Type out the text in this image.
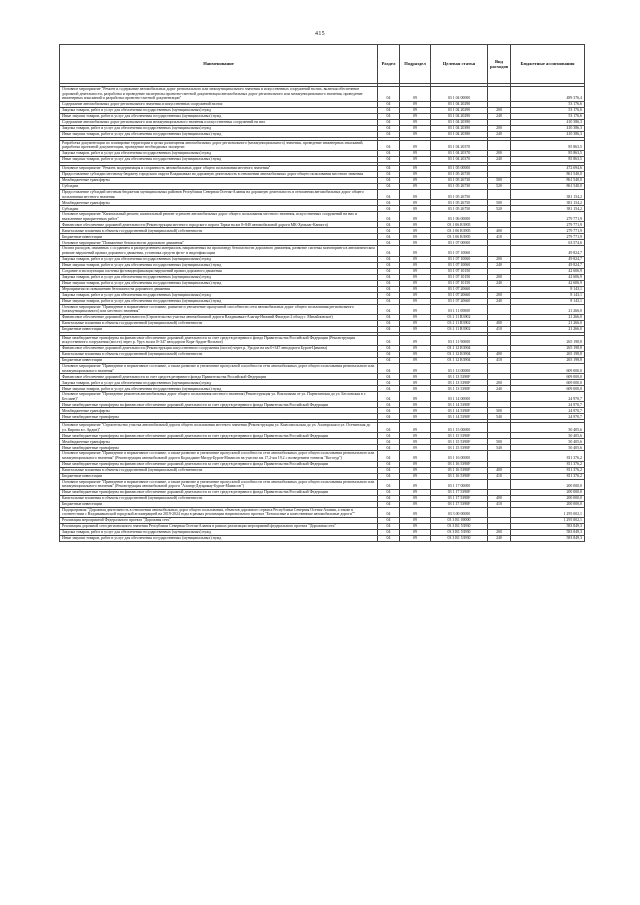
415
Наименование	Раздел	Подраздел	Целевая статья	Вид расходов	Бюджетные ассигнования

Основное мероприятие "Ремонт и содержание автомобильных дорог регионального или межмуниципального значения и искусственных сооружений на них, включая обеспечение дорожной деятельности, разработка и проведение экспертизы проектно-сметной документации автомобильных дорог регионального или межмуниципального значения, проведение инженерных изысканий и разработка проектно-сметной документации"	04	09	03 1 04 00000		489 376,4
Содержание автомобильных дорог регионального значения и искусственных сооружений на них	04	09	03 1 04 20290		53 176,6
Закупка товаров, работ и услуг для обеспечения государственных (муниципальных) нужд	04	09	03 1 04 20290	200	53 176,6
Иные закупки товаров, работ и услуг для обеспечения государственных (муниципальных) нужд	04	09	03 1 04 20290	240	53 176,6
Содержание автомобильных дорог регионального или межмуниципального значения и искусственных сооружений на них	04	09	03 1 04 20390		410 386,3
Закупка товаров, работ и услуг для обеспечения государственных (муниципальных) нужд	04	09	03 1 04 20390	200	410 386,3
Иные закупки товаров, работ и услуг для обеспечения государственных (муниципальных) нужд	04	09	03 1 04 20390	240	410 386,3

Разработка документации по планировке территории в целях размещения автомобильных дорог регионального (межмуниципального) значения, проведение инженерных изысканий, разработка проектной документации, проведение необходимых экспертиз	04	09	03 1 04 20370		85 863,5
Закупка товаров, работ и услуг для обеспечения государственных (муниципальных) нужд	04	09	03 1 04 20370	200	85 863,5
Иные закупки товаров, работ и услуг для обеспечения государственных (муниципальных) нужд	04	09	03 1 04 20370	240	85 863,5

Основное мероприятие "Ремонт, модернизация и сохранность автомобильных дорог общего пользования местного значения"	04	09	03 1 05 00000		472 694,6
Предоставление субсидии местному бюджету городского округа Владикавказ на дорожную деятельность в отношении автомобильных дорог общего пользования местного значения	04	09	03 1 05 26730		861 540,0
Межбюджетные трансферты	04	09	03 1 05 26730	500	861 540,0
Субсидии	04	09	03 1 05 26730	520	861 540,0
Предоставление субсидий местным бюджетам муниципальных районов Республики Северная Осетия-Алания на дорожную деятельность в отношении автомобильных дорог общего пользования местного значения	04	09	03 1 05 26750		381 154,2
Межбюджетные трансферты	04	09	03 1 05 26750	500	381 154,2
Субсидии	04	09	03 1 05 26750	520	381 154,2
Основное мероприятие "Капитальный ремонт, капитальный ремонт и ремонт автомобильных дорог общего пользования местного значения, искусственных сооружений на них и выполнение приоритетных работ"	04	09	03 1 06 00000		279 771,9
Финансовое обеспечение дорожной деятельности (Реконструкция местного городского порога Тарки на км 0+840 автомобильной дороги МК-Хумалаг-Канисга)	04	09	03 1 06 R3905		279 771,9
Капитальные вложения в объекты государственной (муниципальной) собственности	04	09	03 1 06 R3905	400	279 771,9
Бюджетные инвестиции	04	09	03 1 06 R3905	410	279 771,9
Основное мероприятие "Повышение безопасности дорожного движения"	04	09	03 1 07 00000		63 574,6
Оплата расходов, связанных с созданием и распределением материалов, направленных на пропаганду безопасности дорожного движения, развитие системы мониторинга в автоматическом режиме нарушений правил дорожного движения, установка средств фото- и видеофиксации	04	09	03 1 07 10060		49 824,7
Закупка товаров, работ и услуг для обеспечения государственных (муниципальных) нужд	04	09	03 1 07 10060	200	49 824,7
Иные закупки товаров, работ и услуг для обеспечения государственных (муниципальных) нужд	04	09	03 1 07 10060	240	49 824,7
Создание и эксплуатация системы фотовидеофиксации нарушений правил дорожного движения	04	09	03 1 07 10150		42 606,9
Закупка товаров, работ и услуг для обеспечения государственных (муниципальных) нужд	04	09	03 1 07 10150	200	42 606,9
Иные закупки товаров, работ и услуг для обеспечения государственных (муниципальных) нужд	04	09	03 1 07 10150	240	42 606,9
Мероприятия по повышению безопасности дорожного движения	04	09	03 1 07 20660		8 143,1
Закупка товаров, работ и услуг для обеспечения государственных (муниципальных) нужд	04	09	03 1 07 20660	200	8 143,1
Иные закупки товаров, работ и услуг для обеспечения государственных (муниципальных) нужд	04	09	03 1 07 20660	240	8 143,1
Основное мероприятие "Приведение в нормативное состояние, развитие и увеличение пропускной способности сети автомобильных дорог общего пользования регионального (межмуниципального) или местного значения"	04	09	03 1 11 00000		21 266,0
Финансовое обеспечение дорожной деятельности (Строительство участка автомобильной дороги Владикавказ-Алагир-Нижний Фиагдон 2 обход с. Михайловское)	04	09	03 1 11 R3902		21 266,0
Капитальные вложения в объекты государственной (муниципальной) собственности	04	09	03 1 11 R3902	400	21 266,0
Бюджетные инвестиции	04	09	03 1 11 R3902	410	21 266,0

Иные межбюджетные трансферты на финансовое обеспечение дорожной деятельности за счет средств резервного фонда Правительства Российской Федерации (Реконструкция искусственного сооружения (моста) через р. Урух на км 0+347 автодороги Кора-Ардон-Вольное)	04	09	03 1 11 90000		265 198,8
Финансовое обеспечение дорожной деятельности (Реконструкция искусственного сооружения (моста) через р. Урсдон на км 0+347 автодороги Бурон-Цимиты)	04	09	03 1 12 R3904		265 198,8
Капитальные вложения в объекты государственной (муниципальной) собственности	04	09	03 1 12 R3904	400	265 198,8
Бюджетные инвестиции	04	09	03 1 12 R3904	410	265 198,8
Основное мероприятие "Приведение в нормативное состояние, а также развитие и увеличение пропускной способности сети автомобильных дорог общего пользования регионального или межмуниципального значения"	04	09	03 1 13 00000		609 000,0
Финансовое обеспечение дорожной деятельности за счет средств резервного фонда Правительства Российской Федерации	04	09	03 1 13 5390F		609 000,0
Закупка товаров, работ и услуг для обеспечения государственных (муниципальных) нужд	04	09	03 1 13 5390F	200	609 000,0
Иные закупки товаров, работ и услуг для обеспечения государственных (муниципальных) нужд	04	09	03 1 13 5390F	240	609 000,0
Основное мероприятие "Проведение ремонтов автомобильных дорог общего пользования местного значения (Реконструкция ул. Вокзальная от ул. Партизанская до ул. Бесланская в г. Беслане)"	04	09	03 1 14 00000		24 970,7
Иные межбюджетные трансферты на финансовое обеспечение дорожной деятельности за счет средств резервного фонда Правительства Российской Федерации	04	09	03 1 14 5390F		24 970,7
Межбюджетные трансферты	04	09	03 1 14 5390F	500	24 970,7
Иные межбюджетные трансферты	04	09	03 1 14 5390F	540	24 970,7

Основное мероприятие "Строительство участка автомобильной дороги общего пользования местного значения (Реконструкция ул. Комсомольская до ул. Алагирская и ул. Осетинская до ул. Кирова в г. Ардон)"	04	09	03 1 15 00000		50 405,6
Иные межбюджетные трансферты на финансовое обеспечение дорожной деятельности за счет средств резервного фонда Правительства Российской Федерации	04	09	03 1 15 5390F		50 405,6
Межбюджетные трансферты	04	09	03 1 15 5390F	500	50 405,6
Иные межбюджетные трансферты	04	09	03 1 15 5390F	540	50 405,6
Основное мероприятие "Приведение в нормативное состояние, а также развитие и увеличение пропускной способности сети автомобильных дорог общего пользования регионального или межмуниципального значения" (Реконструкция автомобильной дороги Кодахджин-Мизур-Бурон-Мамисон на участке км 17,2-км 19,2 с возведением тоннеля "Когогур")	04	09	03 1 16 00000		811 376,2
Иные межбюджетные трансферты на финансовое обеспечение дорожной деятельности за счет средств резервного фонда Правительства Российской Федерации	04	09	03 1 16 5390F		811 376,2
Капитальные вложения в объекты государственной (муниципальной) собственности	04	09	03 1 16 5390F	400	811 376,2
Бюджетные инвестиции	04	09	03 1 16 5390F	410	811 376,2
Основное мероприятие "Приведение в нормативное состояние, а также развитие и увеличение пропускной способности сети автомобильных дорог общего пользования регионального или межмуниципального значения" (Реконструкция автомобильной дороги "Алагир-Дзуарикау-Бурон-Мамисон")	04	09	03 1 17 00000		200 000,0
Иные межбюджетные трансферты на финансовое обеспечение дорожной деятельности за счет средств резервного фонда Правительства Российской Федерации	04	09	03 1 17 5390F		200 000,0
Капитальные вложения в объекты государственной (муниципальной) собственности	04	09	03 1 17 5390F	400	200 000,0
Бюджетные инвестиции	04	09	03 1 17 5390F	410	200 000,0
Подпрограмма "Дорожная деятельность в отношении автомобильных дорог общего пользования, объектов дорожного сервиса Республики Северная Осетия-Алания, а также в соответствии с Владикавказской городской агломерацией на 2019-2024 годы в рамках реализации национального проекта "Безопасные и качественные автомобильные дороги""	04	09	03 3 00 00000		1 295 002,1
Реализация мероприятий Федерального проекта "Дорожная сеть"	04	09	03 3 R1 00000		1 295 002,1
Реализация дорожной сети регионального значения Республики Северная Осетия-Алания в рамках реализации мероприятий федерального проекта "Дорожная сеть"	04	09	03 3 R1 53930		583 849,3
Закупка товаров, работ и услуг для обеспечения государственных (муниципальных) нужд	04	09	03 3 R1 53930	200	583 849,3
Иные закупки товаров, работ и услуг для обеспечения государственных (муниципальных) нужд	04	09	03 3 R1 53930	240	583 849,3
